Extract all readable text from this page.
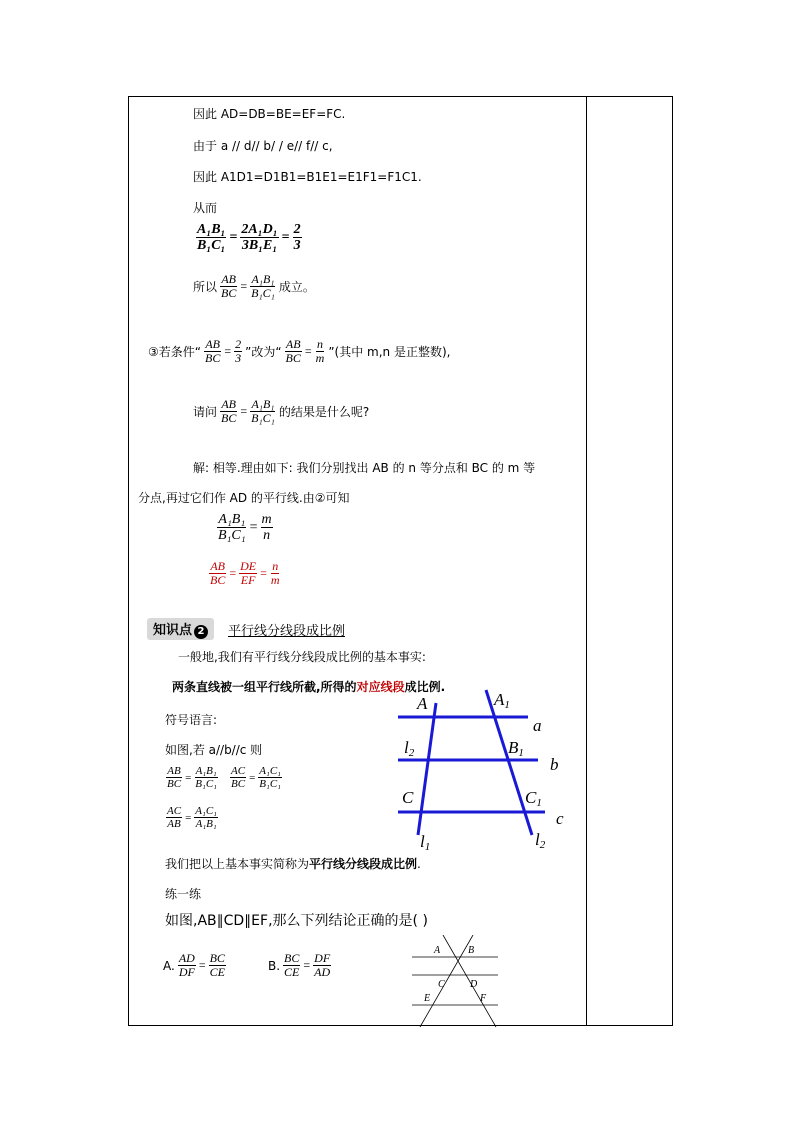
因此 AD=DB=BE=EF=FC.
由于 a // d// b/ / e// f// c,
因此 A1D1=D1B1=B1E1=E1F1=F1C1.
从而
$\frac{\text{A₁B₁}}{\text{B₁C₁}} = \frac{\text{2A₁D₁}}{\text{3B₁E₁}} = \frac{2}{3}$
所以 $\frac{AB}{BC} = \frac{\text{A₁B₁}}{\text{B₁C₁}}$ 成立。
③若条件“ $\frac{AB}{BC} = \frac{2}{3}$ ”改为“ $\frac{AB}{BC} = \frac{n}{m}$ ”(其中 m,n 是正整数),
请问 $\frac{AB}{BC} = \frac{\text{A₁B₁}}{\text{B₁C₁}}$ 的结果是什么呢?
解: 相等.理由如下: 我们分别找出 AB 的 n 等分点和 BC 的 m 等
分点,再过它们作 AD 的平行线.由②可知
$\frac{\text{A₁B₁}}{\text{B₁C₁}} = \frac{m}{n}$
$\frac{AB}{BC} = \frac{DE}{EF} = \frac{n}{m}$
知识点 2	平行线分线段成比例
一般地,我们有平行线分线段成比例的基本事实:
两条直线被一组平行线所截,所得的对应线段成比例.
符号语言:
如图,若 a//b//c 则
$\frac{AB}{BC} = \frac{\text{A₁B₁}}{\text{B₁C₁}} \frac{AC}{BC} = \frac{\text{A₁C₁}}{\text{B₁C₁}}$
$\frac{AC}{AB} = \frac{\text{A₁C₁}}{\text{A₁B₁}}$
我们把以上基本事实简称为平行线分线段成比例.
A	A1
a
l2	B1
b
C	C1
c
l1	l2
练一练
如图,AB∥CD∥EF,那么下列结论正确的是( )
A. $\frac{AD}{DF} = \frac{BC}{CE}$	B. $\frac{BC}{CE} = \frac{DF}{AD}$
A	B
C	D
E	F
